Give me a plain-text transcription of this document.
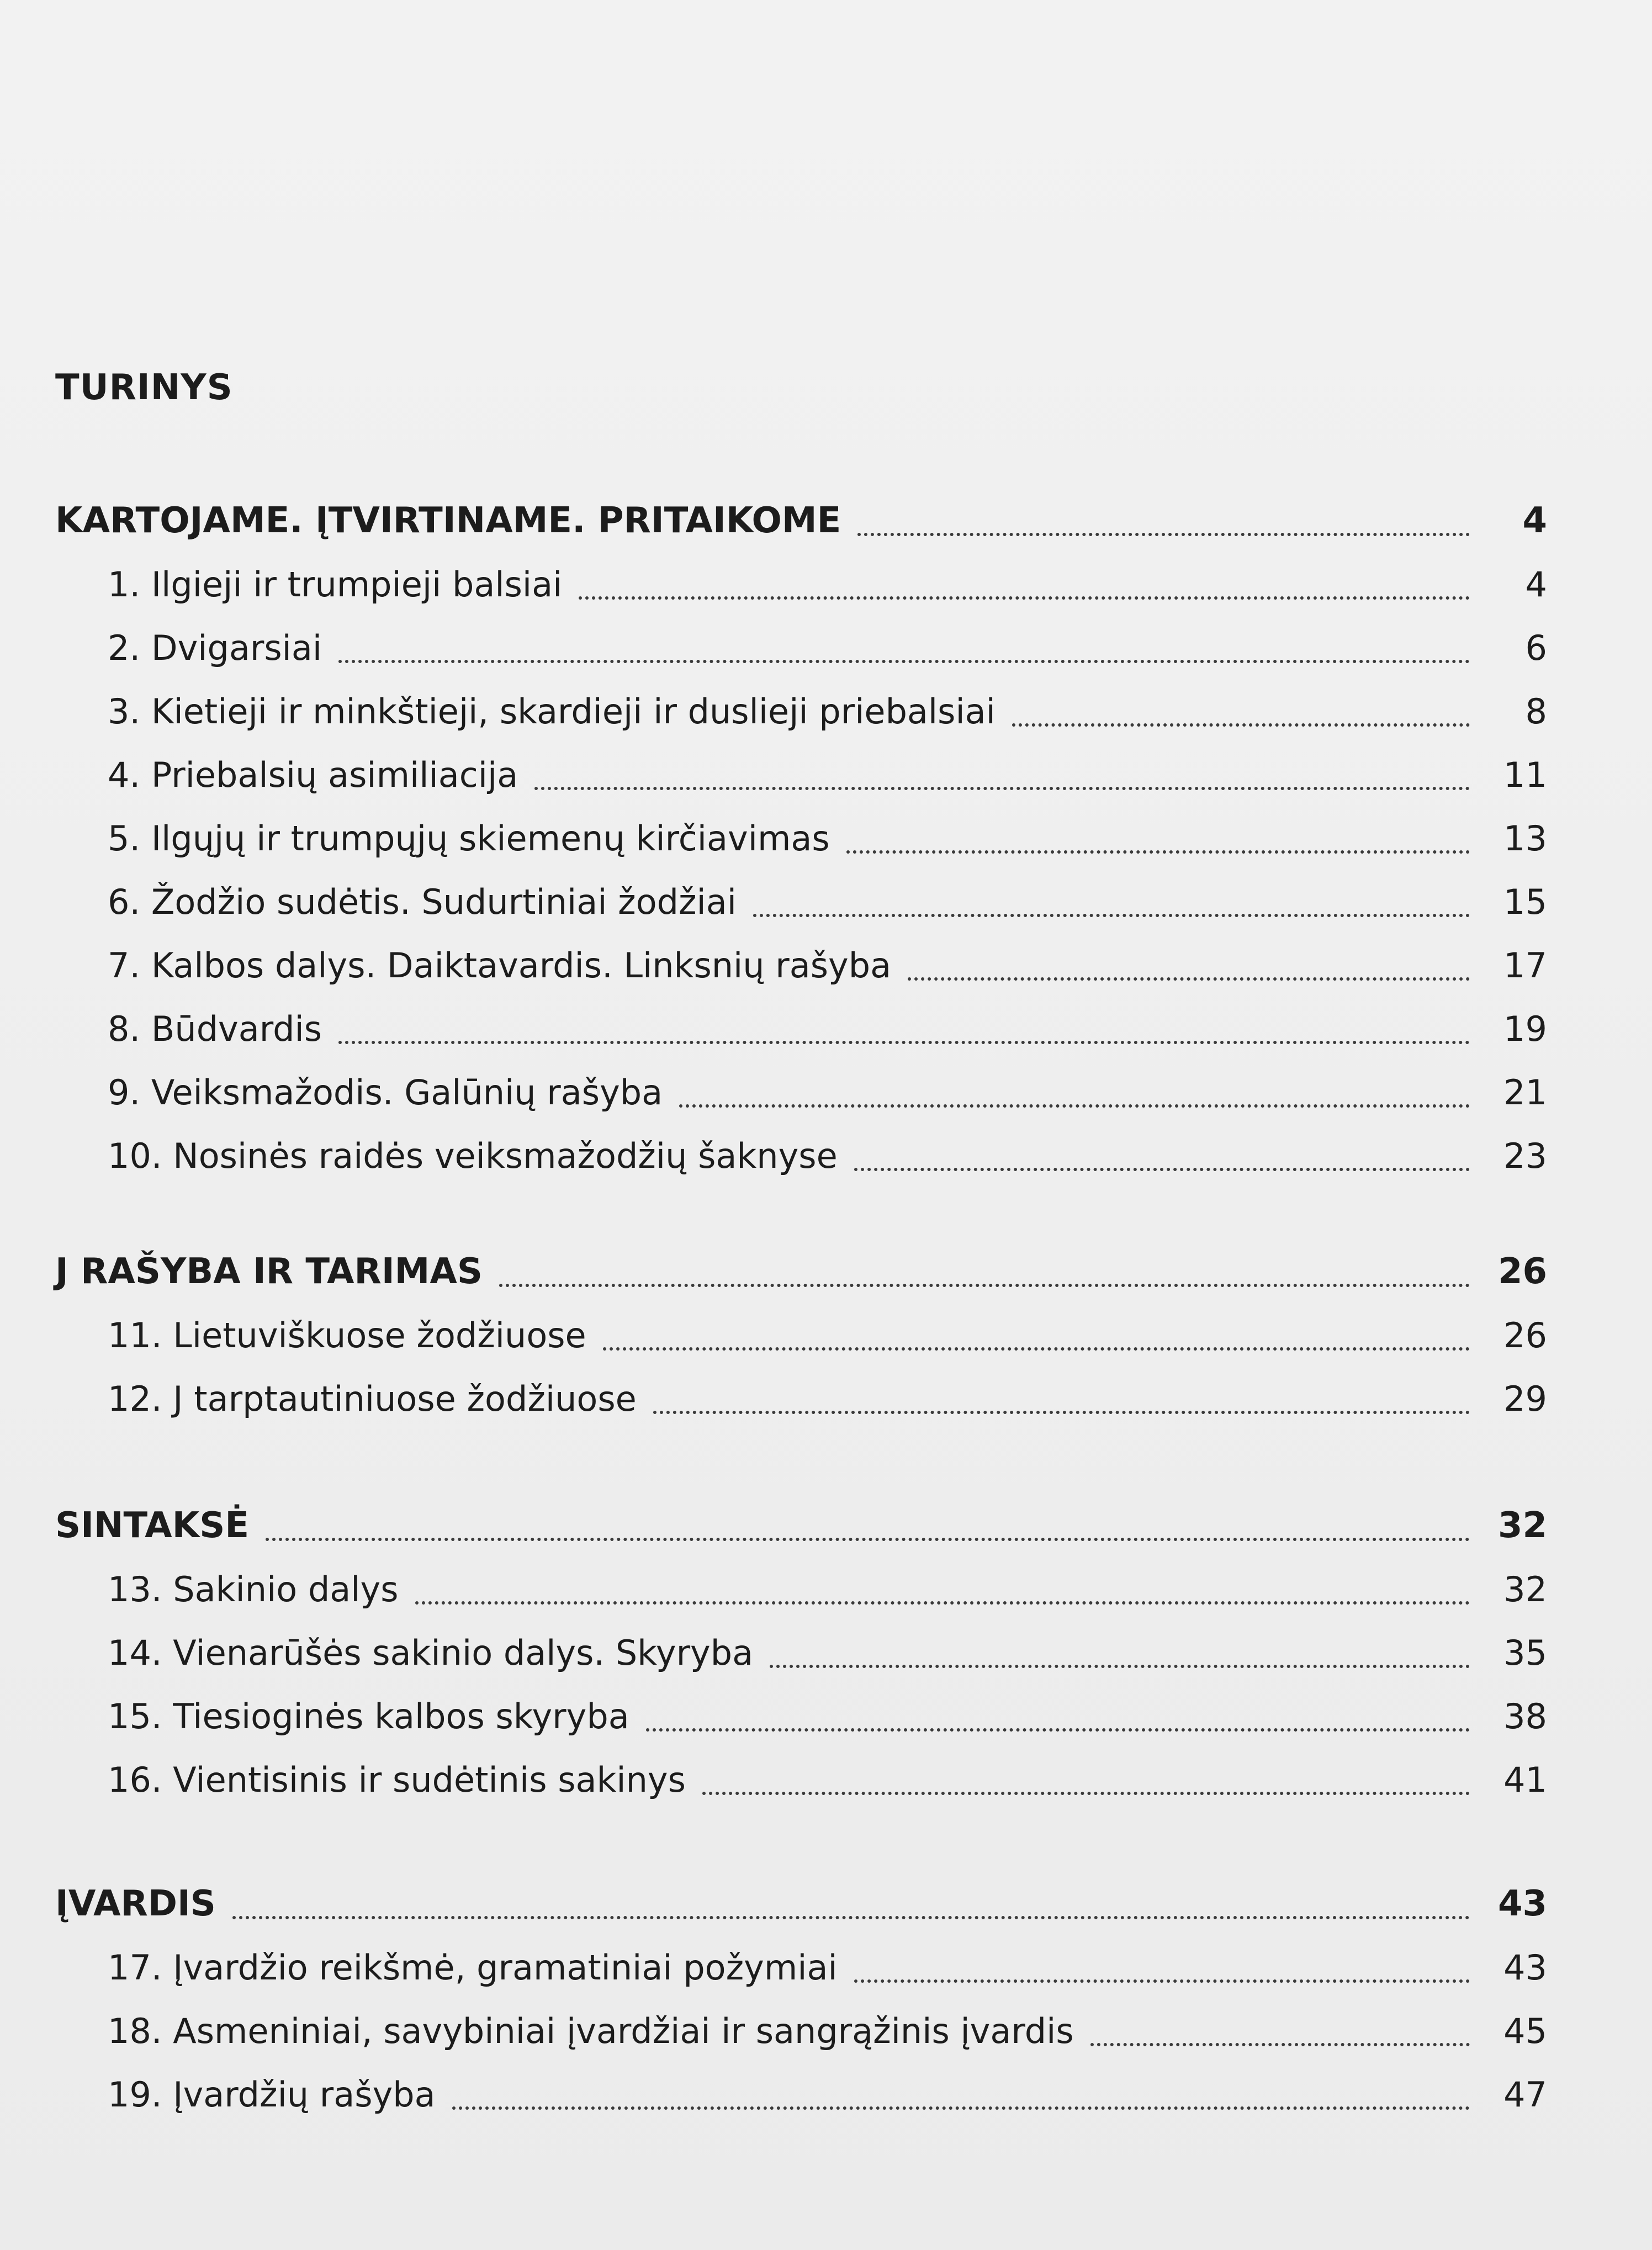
TURINYS
KARTOJAME. ĮTVIRTINAME. PRITAIKOME	4
1. Ilgieji ir trumpieji balsiai	4
2. Dvigarsiai	6
3. Kietieji ir minkštieji, skardieji ir duslieji priebalsiai	8
4. Priebalsių asimiliacija	11
5. Ilgųjų ir trumpųjų skiemenų kirčiavimas	13
6. Žodžio sudėtis. Sudurtiniai žodžiai	15
7. Kalbos dalys. Daiktavardis. Linksnių rašyba	17
8. Būdvardis	19
9. Veiksmažodis. Galūnių rašyba	21
10. Nosinės raidės veiksmažodžių šaknyse	23
J RAŠYBA IR TARIMAS	26
11. Lietuviškuose žodžiuose	26
12. J tarptautiniuose žodžiuose	29
SINTAKSĖ	32
13. Sakinio dalys	32
14. Vienarūšės sakinio dalys. Skyryba	35
15. Tiesioginės kalbos skyryba	38
16. Vientisinis ir sudėtinis sakinys	41
ĮVARDIS	43
17. Įvardžio reikšmė, gramatiniai požymiai	43
18. Asmeniniai, savybiniai įvardžiai ir sangrąžinis įvardis	45
19. Įvardžių rašyba	47
